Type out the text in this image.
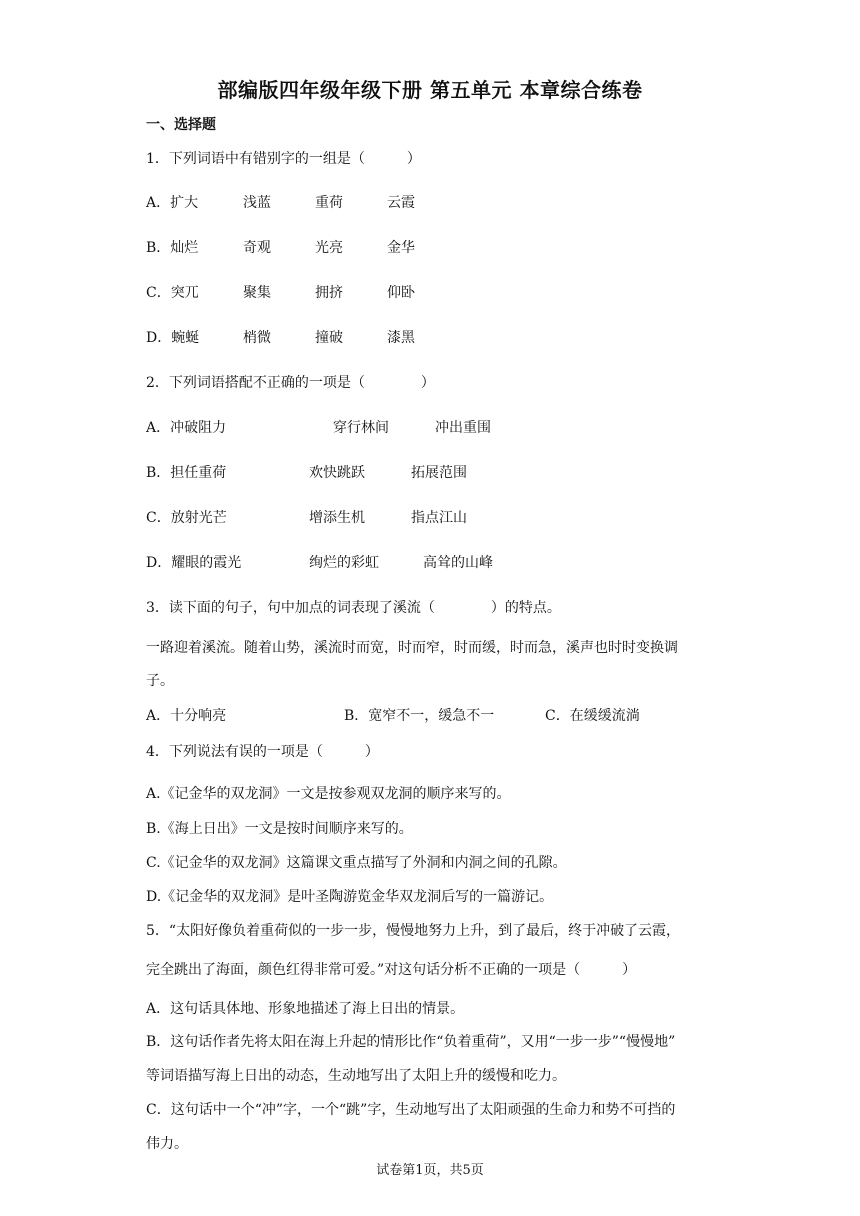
部编版四年级年级下册 第五单元 本章综合练卷
一、选择题
1．下列词语中有错别字的一组是（　　　）
A．扩大	浅蓝	重荷	云霞
B．灿烂	奇观	光亮	金华
C．突兀	聚集	拥挤	仰卧
D．蜿蜒	梢微	撞破	漆黑
2．下列词语搭配不正确的一项是（　　　　）
A．冲破阻力	穿行林间	冲出重围
B．担任重荷	欢快跳跃	拓展范围
C．放射光芒	增添生机	指点江山
D．耀眼的霞光	绚烂的彩虹	高耸的山峰
3．读下面的句子，句中加点的词表现了溪流（　　　　）的特点。
一路迎着溪流。随着山势，溪流时而宽，时而窄，时而缓，时而急，溪声也时时变换调
子。
A．十分响亮	B．宽窄不一，缓急不一	C．在缓缓流淌
4．下列说法有误的一项是（　　　）
A.《记金华的双龙洞》一文是按参观双龙洞的顺序来写的。
B.《海上日出》一文是按时间顺序来写的。
C.《记金华的双龙洞》这篇课文重点描写了外洞和内洞之间的孔隙。
D.《记金华的双龙洞》是叶圣陶游览金华双龙洞后写的一篇游记。
5．“太阳好像负着重荷似的一步一步，慢慢地努力上升，到了最后，终于冲破了云霞，
完全跳出了海面，颜色红得非常可爱。”对这句话分析不正确的一项是（　　　）
A．这句话具体地、形象地描述了海上日出的情景。
B．这句话作者先将太阳在海上升起的情形比作“负着重荷”，又用“一步一步”“慢慢地”
等词语描写海上日出的动态，生动地写出了太阳上升的缓慢和吃力。
C．这句话中一个“冲”字，一个“跳”字，生动地写出了太阳顽强的生命力和势不可挡的
伟力。
试卷第1页，共5页
